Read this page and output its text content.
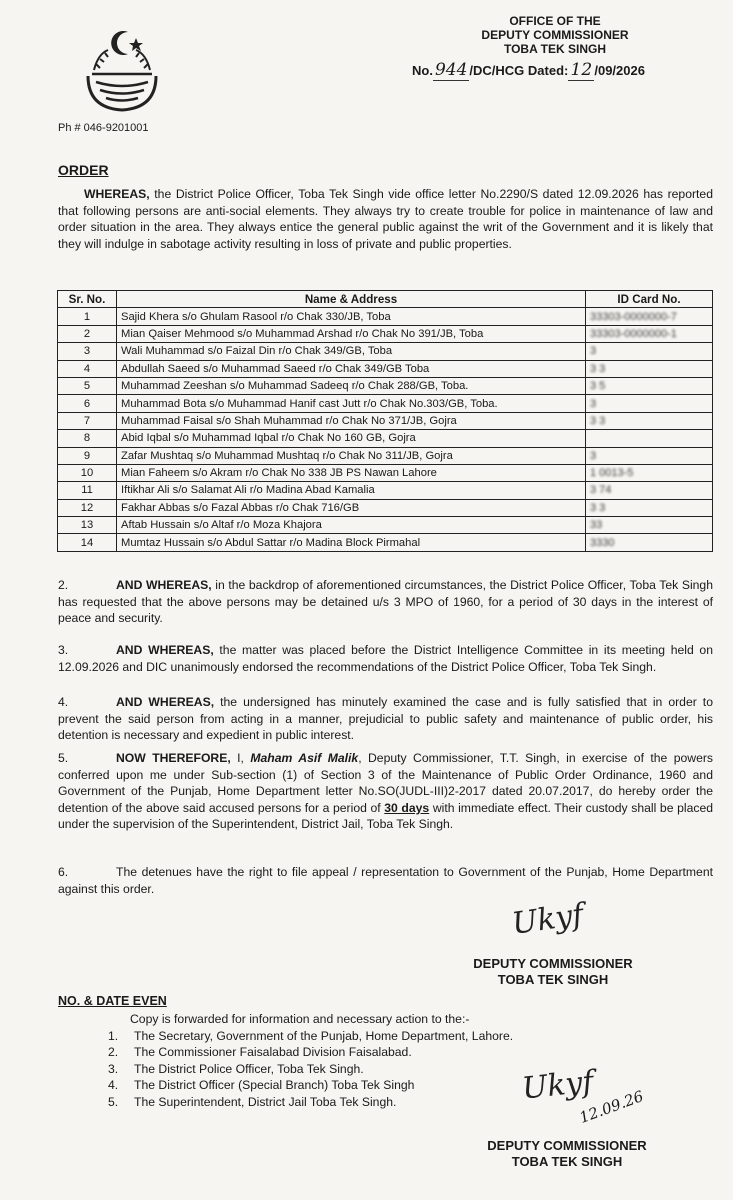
OFFICE OF THE
DEPUTY COMMISSIONER
TOBA TEK SINGH
No. 944 /DC/HCG Dated: 12 /09/2026
Ph # 046-9201001
ORDER
WHEREAS, the District Police Officer, Toba Tek Singh vide office letter No.2290/S dated 12.09.2026 has reported that following persons are anti-social elements. They always try to create trouble for police in maintenance of law and order situation in the area. They always entice the general public against the writ of the Government and it is likely that they will indulge in sabotage activity resulting in loss of private and public properties.
Sr. No.	Name & Address	ID Card No.
1	Sajid Khera s/o Ghulam Rasool r/o Chak 330/JB, Toba	33303-0000000-7
2	Mian Qaiser Mehmood s/o Muhammad Arshad r/o Chak No 391/JB, Toba	33303-0000000-1
3	Wali Muhammad s/o Faizal Din r/o Chak 349/GB, Toba	3
4	Abdullah Saeed s/o Muhammad Saeed r/o Chak 349/GB Toba	3 3
5	Muhammad Zeeshan s/o Muhammad Sadeeq r/o Chak 288/GB, Toba.	3 5
6	Muhammad Bota s/o Muhammad Hanif cast Jutt r/o Chak No.303/GB, Toba.	3
7	Muhammad Faisal s/o Shah Muhammad r/o Chak No 371/JB, Gojra	3 3
8	Abid Iqbal s/o Muhammad Iqbal r/o Chak No 160 GB, Gojra	
9	Zafar Mushtaq s/o Muhammad Mushtaq r/o Chak No 311/JB, Gojra	3
10	Mian Faheem s/o Akram r/o Chak No 338 JB PS Nawan Lahore	1 0013-5
11	Iftikhar Ali s/o Salamat Ali r/o Madina Abad Kamalia	3 74
12	Fakhar Abbas s/o Fazal Abbas r/o Chak 716/GB	3 3
13	Aftab Hussain s/o Altaf r/o Moza Khajora	33
14	Mumtaz Hussain s/o Abdul Sattar r/o Madina Block Pirmahal	3330
2.	AND WHEREAS, in the backdrop of aforementioned circumstances, the District Police Officer, Toba Tek Singh has requested that the above persons may be detained u/s 3 MPO of 1960, for a period of 30 days in the interest of peace and security.
3.	AND WHEREAS, the matter was placed before the District Intelligence Committee in its meeting held on 12.09.2026 and DIC unanimously endorsed the recommendations of the District Police Officer, Toba Tek Singh.
4.	AND WHEREAS, the undersigned has minutely examined the case and is fully satisfied that in order to prevent the said person from acting in a manner, prejudicial to public safety and maintenance of public order, his detention is necessary and expedient in public interest.
5.	NOW THEREFORE, I, Maham Asif Malik, Deputy Commissioner, T.T. Singh, in exercise of the powers conferred upon me under Sub-section (1) of Section 3 of the Maintenance of Public Order Ordinance, 1960 and Government of the Punjab, Home Department letter No.SO(JUDL-III)2-2017 dated 20.07.2017, do hereby order the detention of the above said accused persons for a period of 30 days with immediate effect. Their custody shall be placed under the supervision of the Superintendent, District Jail, Toba Tek Singh.
6.	The detenues have the right to file appeal / representation to Government of the Punjab, Home Department against this order.
Ukyf
DEPUTY COMMISSIONER
TOBA TEK SINGH
NO. & DATE EVEN
Copy is forwarded for information and necessary action to the:-
1. The Secretary, Government of the Punjab, Home Department, Lahore.
2. The Commissioner Faisalabad Division Faisalabad.
3. The District Police Officer, Toba Tek Singh.
4. The District Officer (Special Branch) Toba Tek Singh
5. The Superintendent, District Jail Toba Tek Singh.	Ukyf
12.09.26
DEPUTY COMMISSIONER
TOBA TEK SINGH
